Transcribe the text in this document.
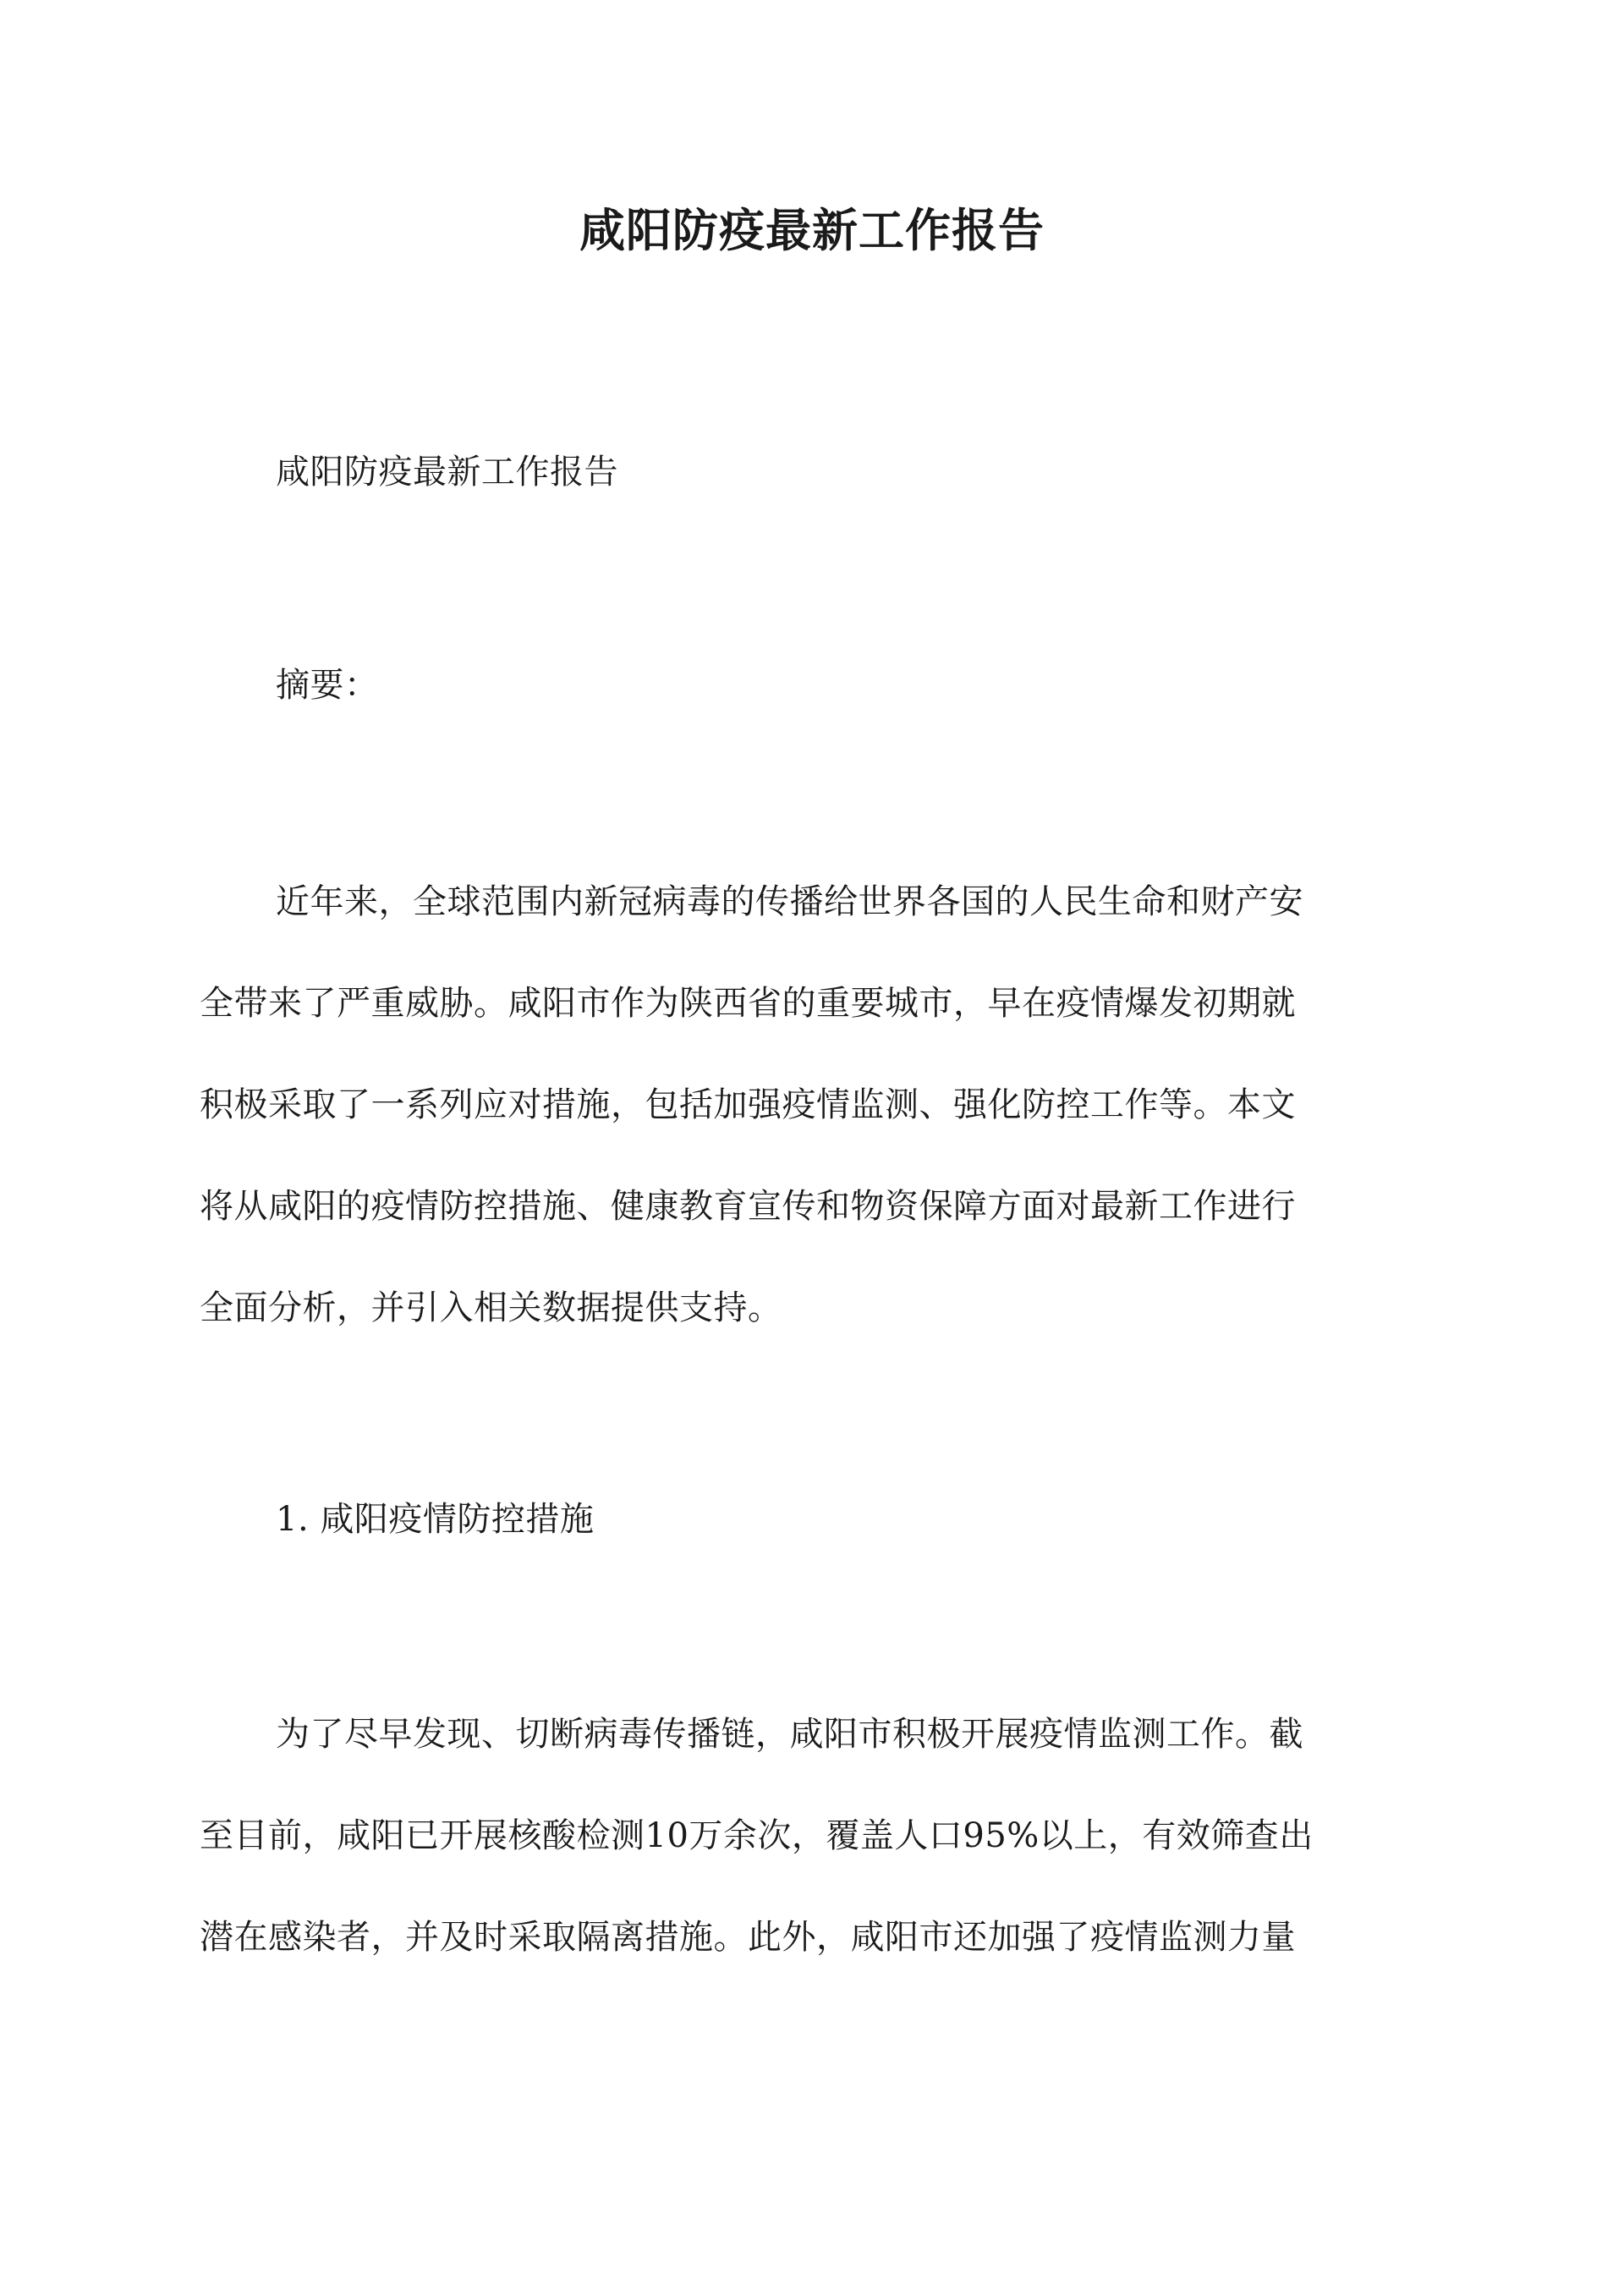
咸阳防疫最新工作报告
咸阳防疫最新工作报告
摘要：
近年来，全球范围内新冠病毒的传播给世界各国的人民生命和财产安
全带来了严重威胁。咸阳市作为陕西省的重要城市，早在疫情爆发初期就
积极采取了一系列应对措施，包括加强疫情监测、强化防控工作等。本文
将从咸阳的疫情防控措施、健康教育宣传和物资保障方面对最新工作进行
全面分析，并引入相关数据提供支持。
1. 咸阳疫情防控措施
为了尽早发现、切断病毒传播链，咸阳市积极开展疫情监测工作。截
至目前，咸阳已开展核酸检测10万余次，覆盖人口95%以上，有效筛查出
潜在感染者，并及时采取隔离措施。此外，咸阳市还加强了疫情监测力量
